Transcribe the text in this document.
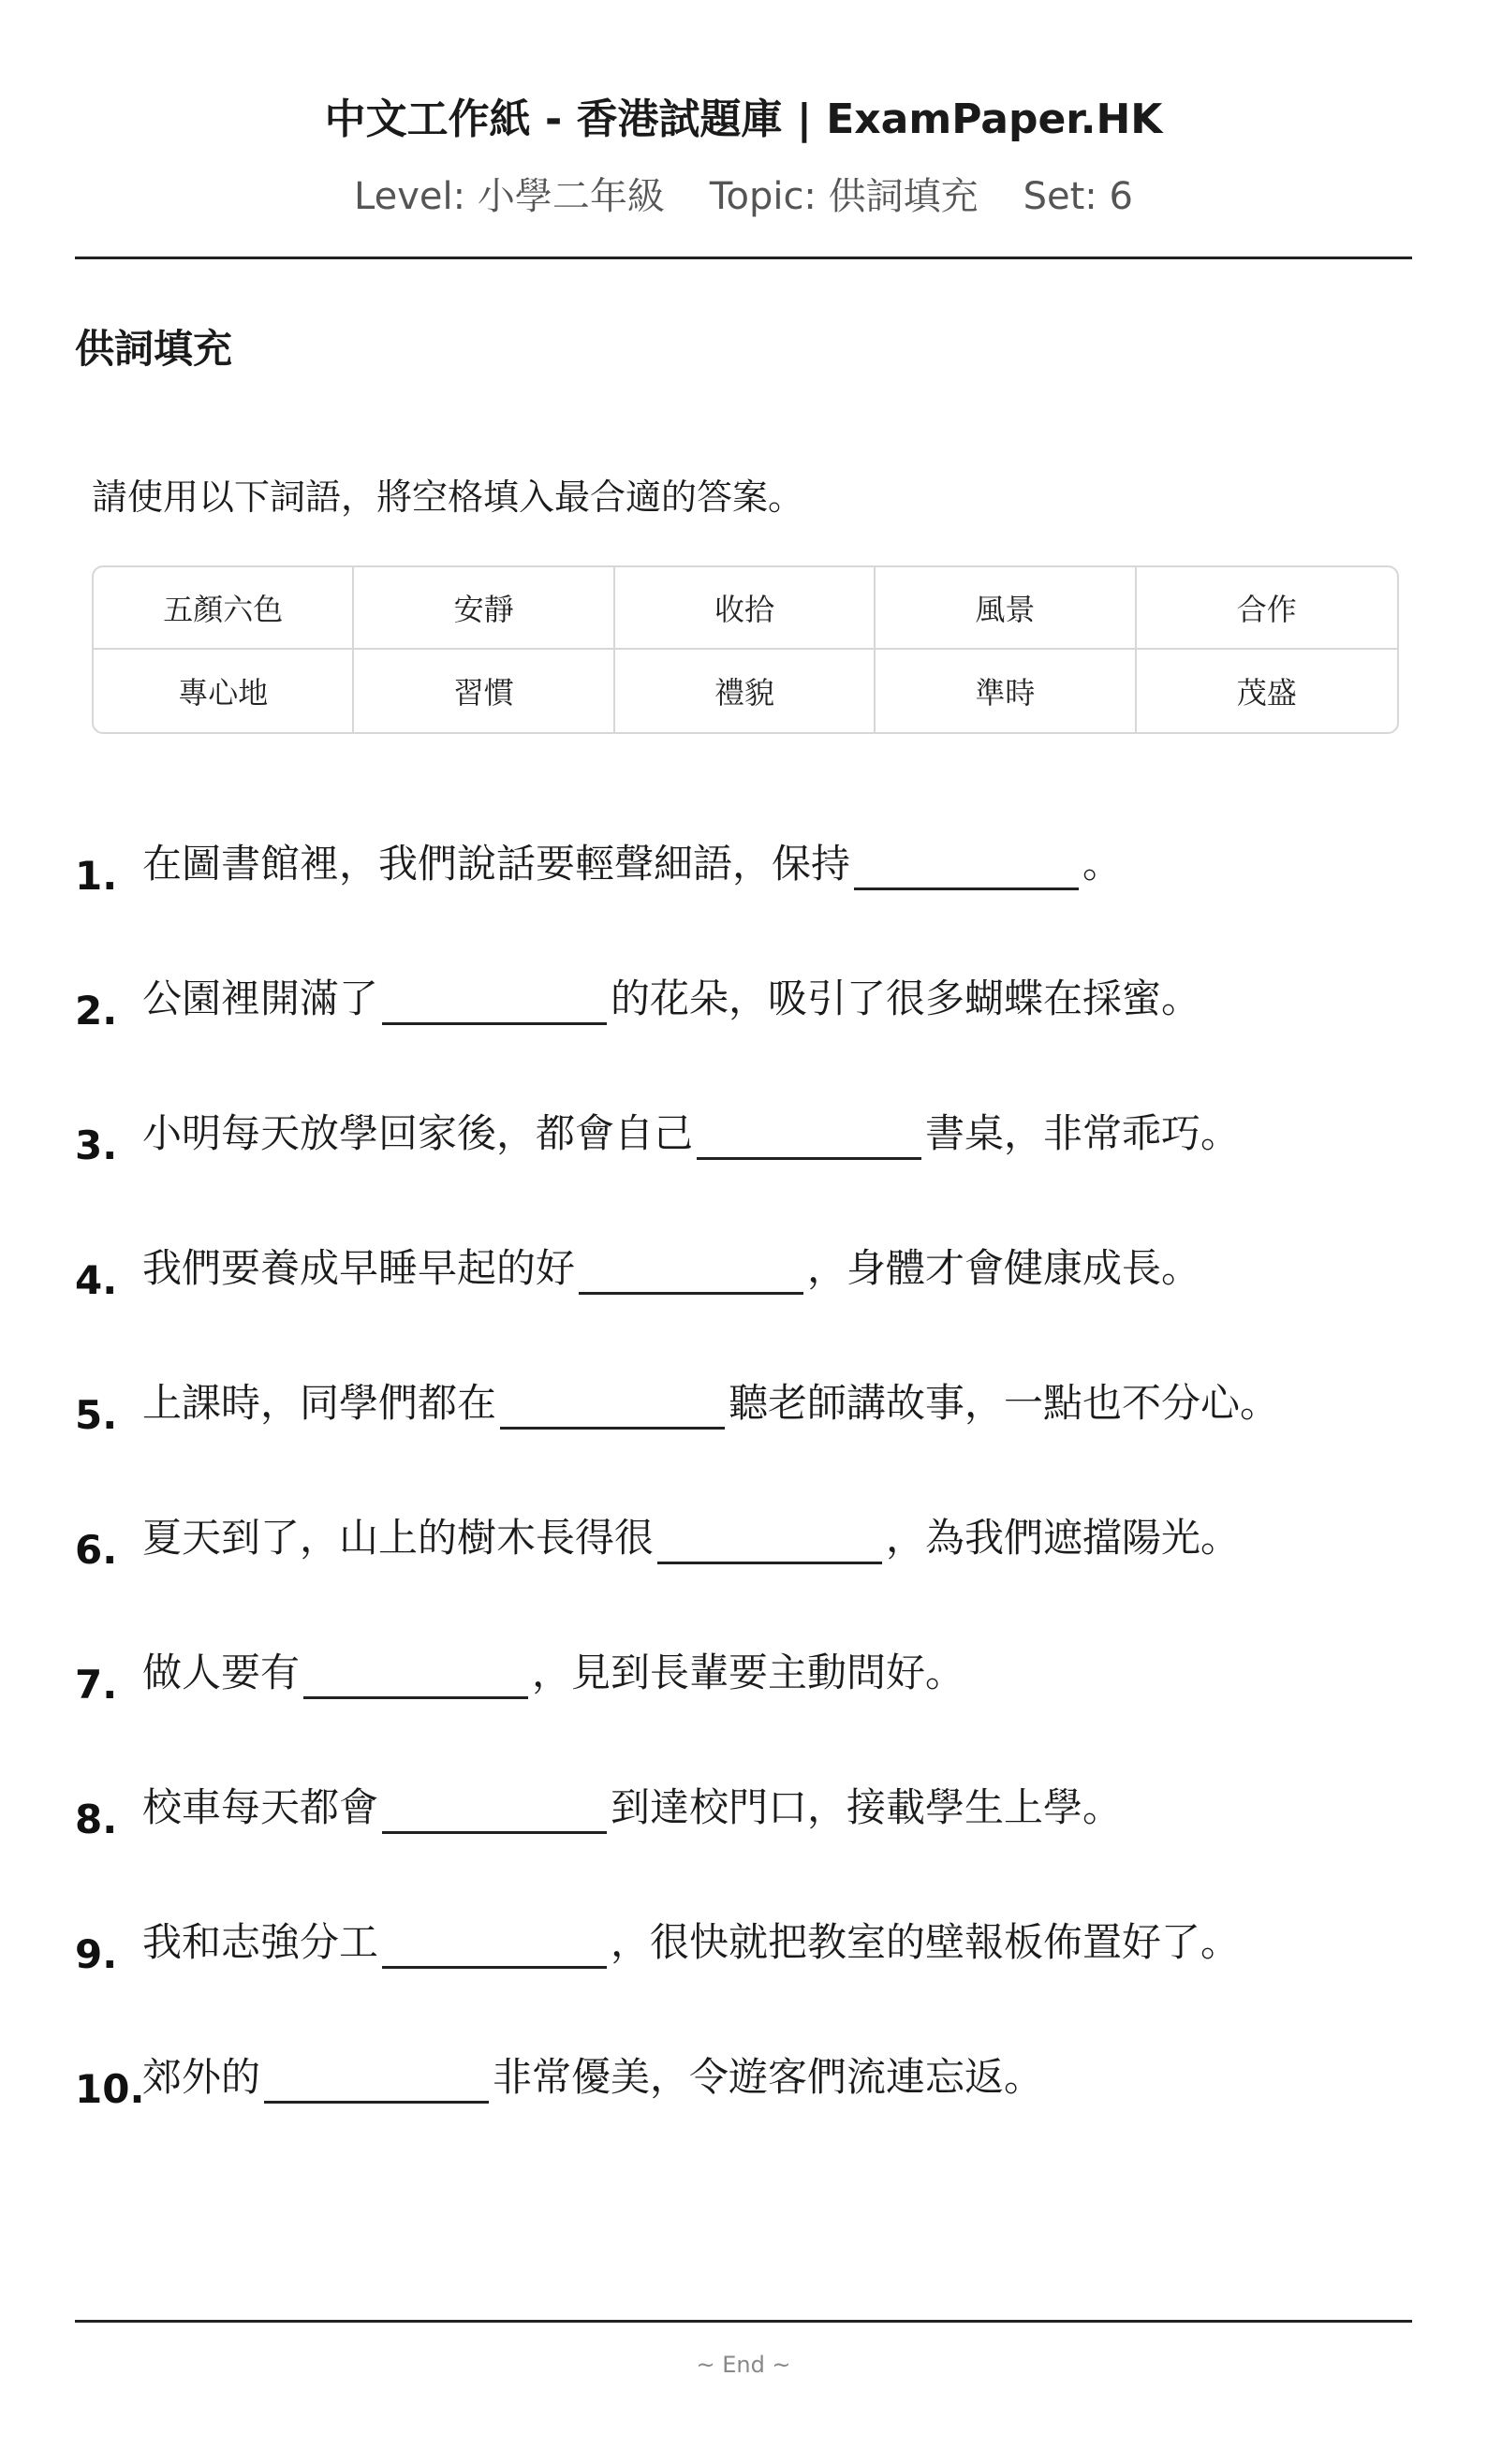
中文工作紙 - 香港試題庫 | ExamPaper.HK
Level: 小學二年級 Topic: 供詞填充 Set: 6
供詞填充
請使用以下詞語，將空格填入最合適的答案。
五顏六色	安靜	收拾	風景	合作
專心地	習慣	禮貌	準時	茂盛
1. 在圖書館裡，我們說話要輕聲細語，保持	。
2. 公園裡開滿了	的花朵，吸引了很多蝴蝶在採蜜。
3. 小明每天放學回家後，都會自己	書桌，非常乖巧。
4. 我們要養成早睡早起的好	，身體才會健康成長。
5. 上課時，同學們都在	聽老師講故事，一點也不分心。
6. 夏天到了，山上的樹木長得很	，為我們遮擋陽光。
7. 做人要有	，見到長輩要主動問好。
8. 校車每天都會	到達校門口，接載學生上學。
9. 我和志強分工	，很快就把教室的壁報板佈置好了。
10.
郊外的	非常優美，令遊客們流連忘返。
~ End ~
